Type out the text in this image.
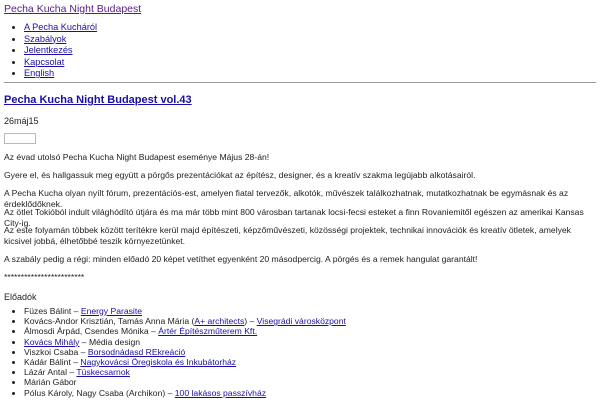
Pecha Kucha Night Budapest
• A Pecha Kucháról
• Szabályok
• Jelentkezés
• Kapcsolat
• English
Pecha Kucha Night Budapest vol.43
26máj15

Az évad utolsó Pecha Kucha Night Budapest eseménye Május 28-án!

Gyere el, és hallgassuk meg együtt a pörgős prezentációkat az építész, designer, és a kreatív szakma legújabb alkotásairól.

A Pecha Kucha olyan nyílt fórum, prezentációs-est, amelyen fiatal tervezők, alkotók, művészek találkozhatnak, mutatkozhatnak be egymásnak és az érdeklődőknek.

Az ötlet Tokióból indult világhódító útjára és ma már több mint 800 városban tartanak locsi-fecsi esteket a finn Rovaniemitől egészen az amerikai Kansas City-ig.

Az este folyamán többek között terítékre kerül majd építészeti, képzőművészeti, közösségi projektek, technikai innovációk és kreatív ötletek, amelyek kicsivel jobbá, élhetőbbé teszik környezetünket.

A szabály pedig a régi: minden előadó 20 képet vetíthet egyenként 20 másodpercig. A pörgés és a remek hangulat garantált!

************************

Előadók
• Füzes Bálint – Energy Parasite
• Kovács-Andor Krisztián, Tamás Anna Mária (A+ architects) – Visegrádi városközpont
• Álmosdi Árpád, Csendes Mónika – Ártér Építészműterem Kft.
• Kovács Mihály – Média design
• Viszkoi Csaba – Borsodnádasd REkreáció
• Kádár Bálint – Nagykovácsi Öregiskola és Inkubátorház
• Lázár Antal – Tüskecsarnok
• Márián Gábor
• Pólus Károly, Nagy Csaba (Archikon) – 100 lakásos passzívház
